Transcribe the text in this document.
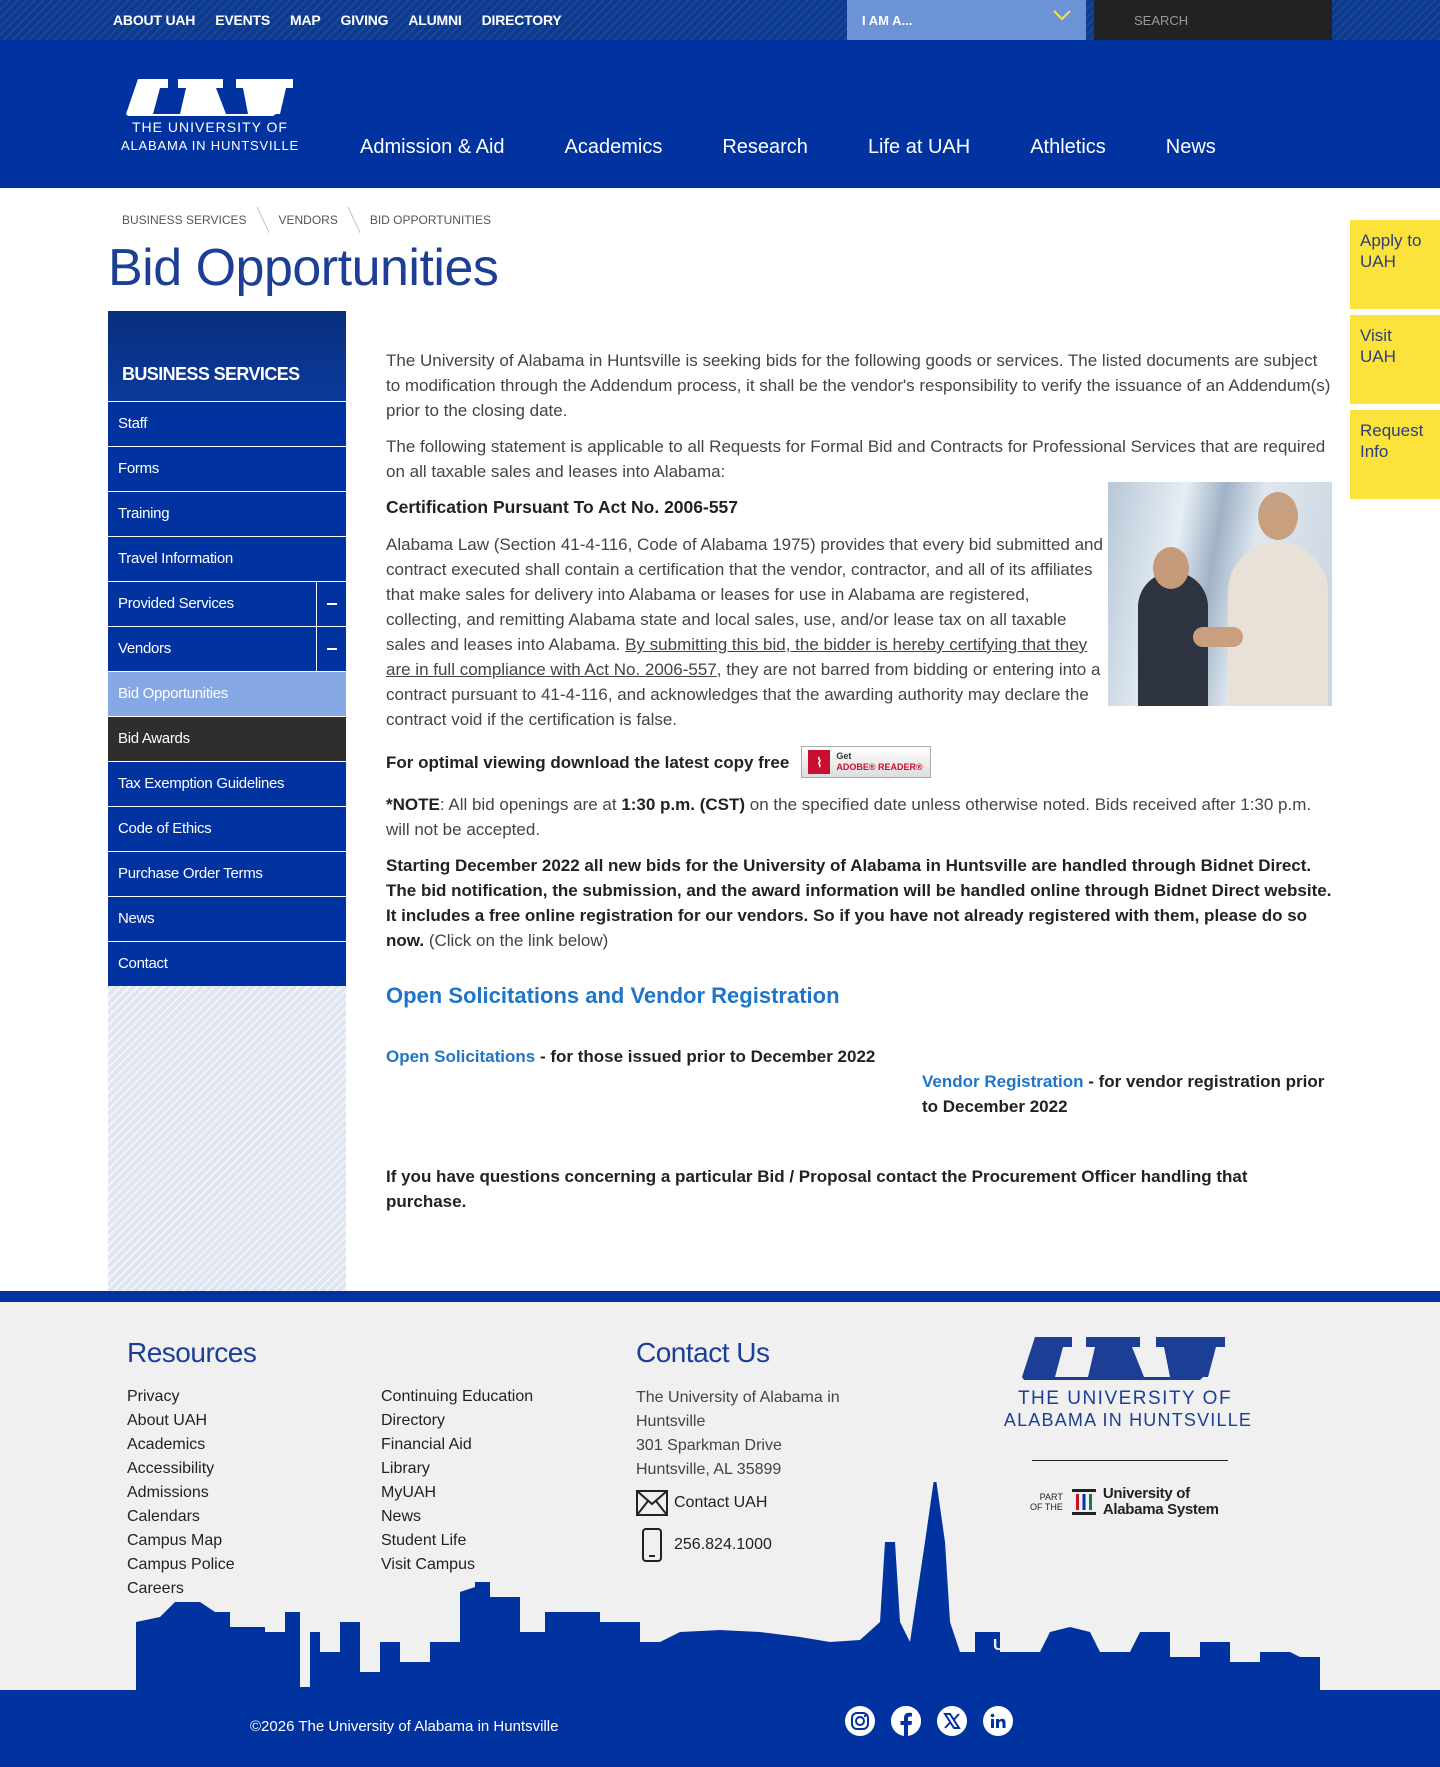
ABOUT UAH EVENTS MAP GIVING ALUMNI DIRECTORY	I AM A...
SEARCH
THE UNIVERSITY OF
ALABAMA IN HUNTSVILLE	Admission & Aid	Academics	Research	Life at UAH	Athletics	News
BUSINESS SERVICES	VENDORS	BID OPPORTUNITIES
Bid Opportunities
BUSINESS SERVICES
Staff
Forms
Training
Travel Information
Provided Services
Vendors
Bid Opportunities
Bid Awards
Tax Exemption Guidelines
Code of Ethics
Purchase Order Terms
News
Contact
Apply to UAH
Visit UAH
Request Info

The University of Alabama in Huntsville is seeking bids for the following goods or services. The listed documents are subject to modification through the Addendum process, it shall be the vendor's responsibility to verify the issuance of an Addendum(s) prior to the closing date.

The following statement is applicable to all Requests for Formal Bid and Contracts for Professional Services that are required on all taxable sales and leases into Alabama:

Certification Pursuant To Act No. 2006-557

Alabama Law (Section 41-4-116, Code of Alabama 1975) provides that every bid submitted and contract executed shall contain a certification that the vendor, contractor, and all of its affiliates that make sales for delivery into Alabama or leases for use in Alabama are registered, collecting, and remitting Alabama state and local sales, use, and/or lease tax on all taxable sales and leases into Alabama. By submitting this bid, the bidder is hereby certifying that they are in full compliance with Act No. 2006-557, they are not barred from bidding or entering into a contract pursuant to 41-4-116, and acknowledges that the awarding authority may declare the contract void if the certification is false.

For optimal viewing download the latest copy free	⌇	Get
ADOBE® READER®

*NOTE: All bid openings are at 1:30 p.m. (CST) on the specified date unless otherwise noted. Bids received after 1:30 p.m. will not be accepted.

Starting December 2022 all new bids for the University of Alabama in Huntsville are handled through Bidnet Direct. The bid notification, the submission, and the award information will be handled online through Bidnet Direct website. It includes a free online registration for our vendors. So if you have not already registered with them, please do so now. (Click on the link below)

Open Solicitations and Vendor Registration

Open Solicitations - for those issued prior to December 2022

Vendor Registration - for vendor registration prior to December 2022

If you have questions concerning a particular Bid / Proposal contact the Procurement Officer handling that purchase.

Resources
Privacy
About UAH
Academics
Accessibility
Admissions
Calendars
Campus Map
Campus Police
Careers
Continuing Education
Directory
Financial Aid
Library
MyUAH
News
Student Life
Visit Campus
Contact Us
The University of Alabama in
Huntsville
301 Sparkman Drive
Huntsville, AL 35899
Contact UAH
256.824.1000
THE UNIVERSITY OF
ALABAMA IN HUNTSVILLE
PART
OF THE
University of
Alabama System
UAH
©2026 The University of Alabama in Huntsville
